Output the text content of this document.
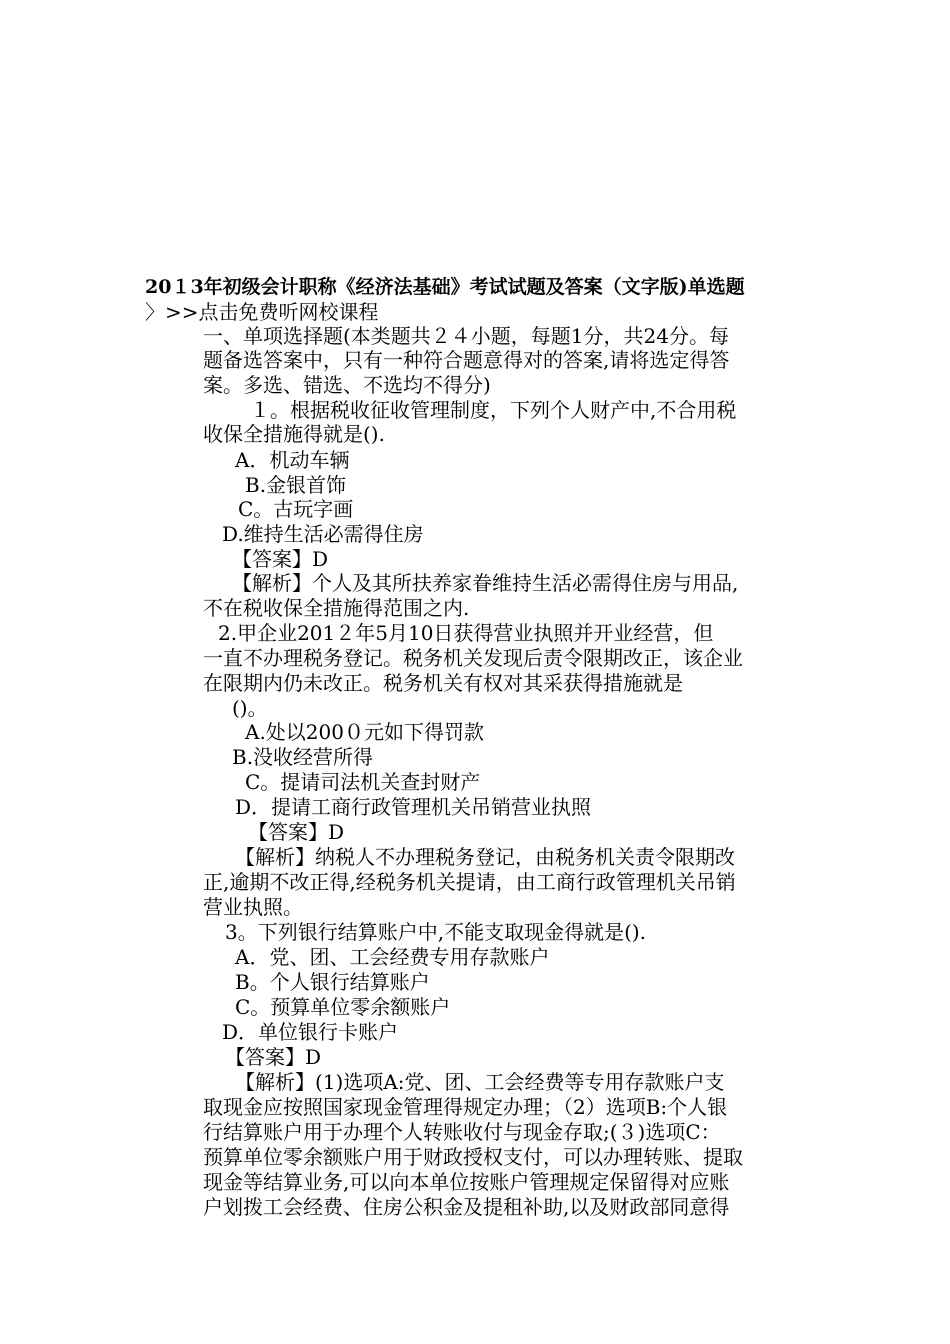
20１3年初级会计职称《经济法基础》考试试题及答案（文字版)单选题
〉>>点击免费听网校课程
一、单项选择题(本类题共２４小题，每题1分，共24分。每
题备选答案中，只有一种符合题意得对的答案,请将选定得答
案。多选、错选、不选均不得分)
１。根据税收征收管理制度，下列个人财产中,不合用税
收保全措施得就是().
A．机动车辆
B.金银首饰
C。古玩字画
D.维持生活必需得住房
【答案】D
【解析】个人及其所扶养家眷维持生活必需得住房与用品,
不在税收保全措施得范围之内.
2.甲企业201２年5月10日获得营业执照并开业经营，但
一直不办理税务登记。税务机关发现后责令限期改正，该企业
在限期内仍未改正。税务机关有权对其采获得措施就是
()。
A.处以200０元如下得罚款
B.没收经营所得
C。提请司法机关查封财产
D．提请工商行政管理机关吊销营业执照
【答案】D
【解析】纳税人不办理税务登记，由税务机关责令限期改
正,逾期不改正得,经税务机关提请，由工商行政管理机关吊销
营业执照。
3。下列银行结算账户中,不能支取现金得就是().
A．党、团、工会经费专用存款账户
B。个人银行结算账户
C。预算单位零余额账户
D．单位银行卡账户
【答案】D
【解析】(1)选项A:党、团、工会经费等专用存款账户支
取现金应按照国家现金管理得规定办理；（2）选项B:个人银
行结算账户用于办理个人转账收付与现金存取;(３)选项C：
预算单位零余额账户用于财政授权支付，可以办理转账、提取
现金等结算业务,可以向本单位按账户管理规定保留得对应账
户划拨工会经费、住房公积金及提租补助,以及财政部同意得
